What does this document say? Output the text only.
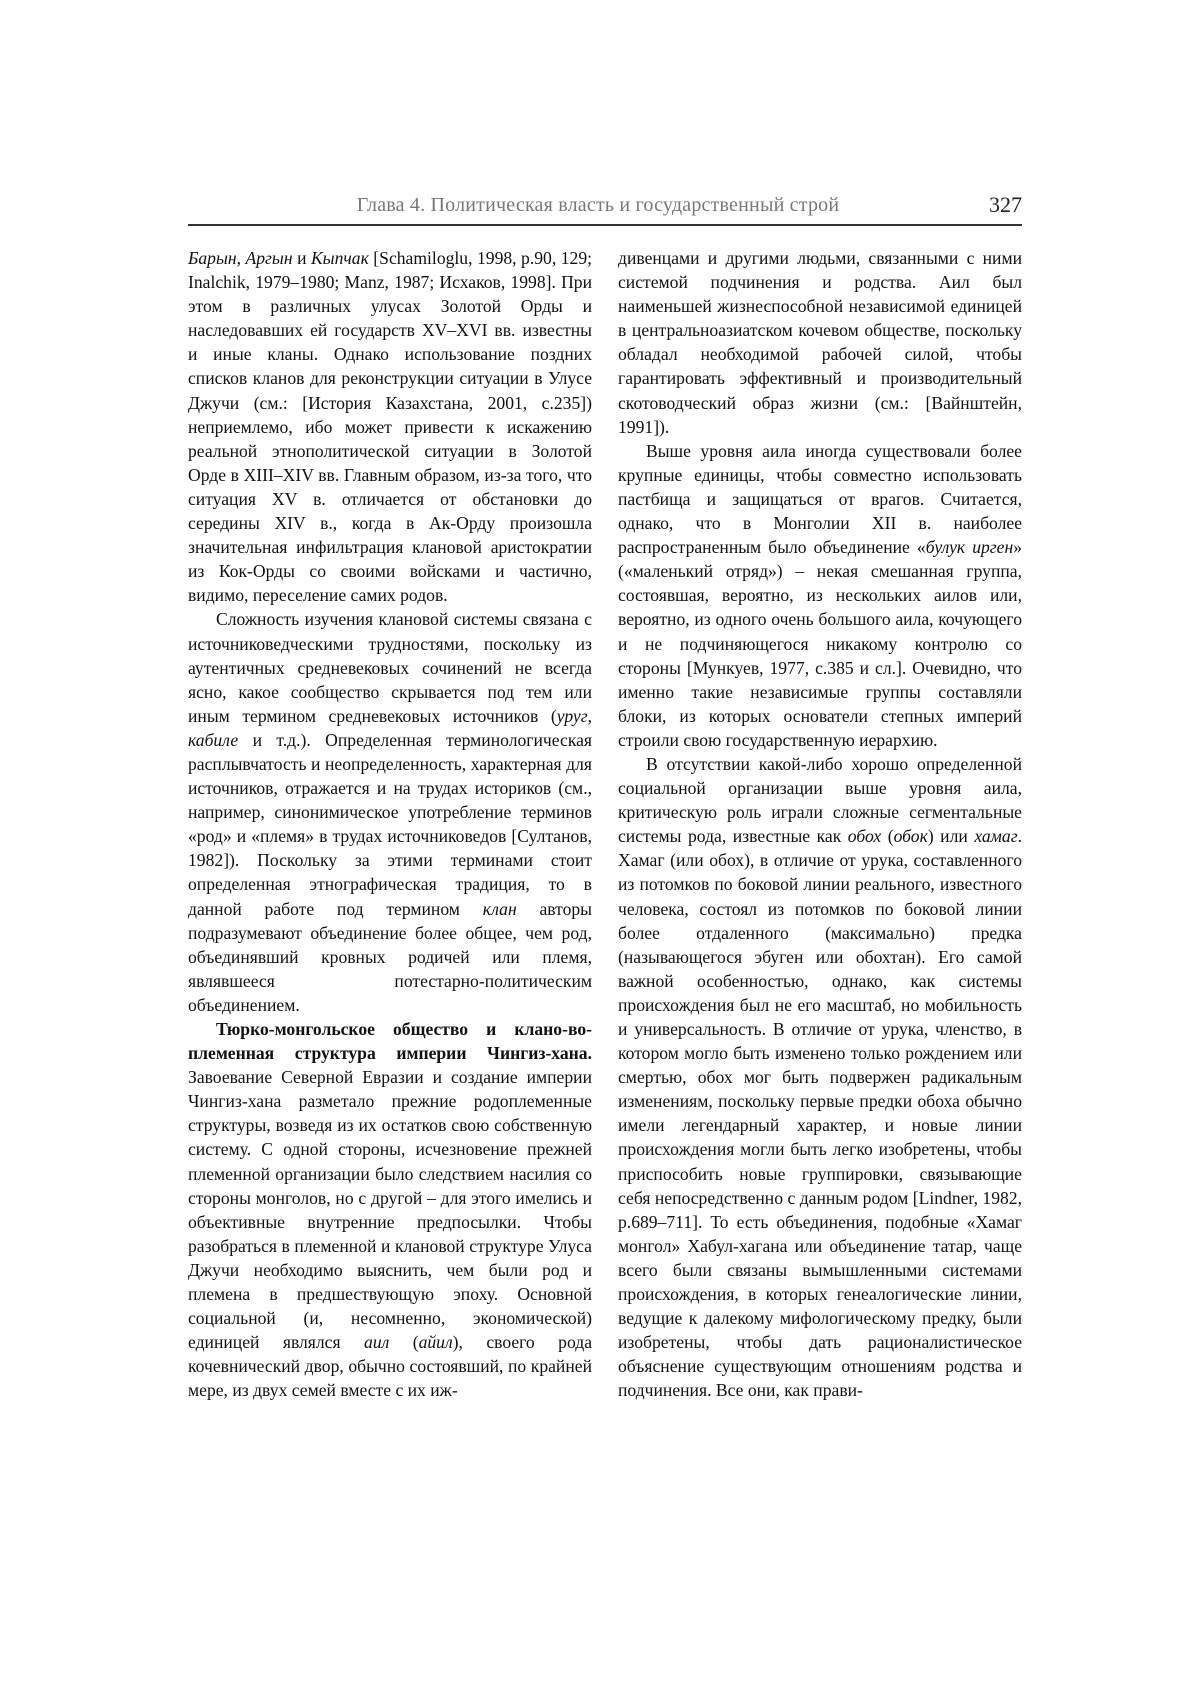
Глава 4. Политическая власть и государственный строй	327

Барын, Аргын и Кыпчак [Schamiloglu, 1998, p.90, 129; Inalchik, 1979–1980; Manz, 1987; Исхаков, 1998]. При этом в различных улусах Золотой Орды и наследовавших ей государств XV–XVI вв. известны и иные кланы. Однако использование поздних списков кланов для реконструкции ситуации в Улусе Джучи (см.: [История Казахстана, 2001, с.235]) неприемлемо, ибо может привести к искажению реальной этнополитической ситуации в Золотой Орде в XIII–XIV вв. Главным образом, из-за того, что ситуация XV в. отличается от обстановки до середины XIV в., когда в Ак-Орду произошла значительная инфильтрация клановой аристократии из Кок-Орды со своими войсками и частично, видимо, переселение самих родов.

Сложность изучения клановой системы связана с источниковедческими трудностями, поскольку из аутентичных средневековых сочинений не всегда ясно, какое сообщество скрывается под тем или иным термином средневековых источников (уруг, кабиле и т.д.). Определенная терминологическая расплывчатость и неопределенность, характерная для источников, отражается и на трудах историков (см., например, синонимическое употребление терминов «род» и «племя» в трудах источниковедов [Султанов, 1982]). Поскольку за этими терминами стоит определенная этнографическая традиция, то в данной работе под термином клан авторы подразумевают объединение более общее, чем род, объединявший кровных родичей или племя, являвшееся потестарно-политическим объединением.

Тюрко-монгольское общество и клано-во-племенная структура империи Чингиз-хана. Завоевание Северной Евразии и создание империи Чингиз-хана разметало прежние родоплеменные структуры, возведя из их остатков свою собственную систему. С одной стороны, исчезновение прежней племенной организации было следствием насилия со стороны монголов, но с другой – для этого имелись и объективные внутренние предпосылки. Чтобы разобраться в племенной и клановой структуре Улуса Джучи необходимо выяснить, чем были род и племена в предшествующую эпоху. Основной социальной (и, несомненно, экономической) единицей являлся аил (айил), своего рода кочевнический двор, обычно состоявший, по крайней мере, из двух семей вместе с их иж-

дивенцами и другими людьми, связанными с ними системой подчинения и родства. Аил был наименьшей жизнеспособной независимой единицей в центральноазиатском кочевом обществе, поскольку обладал необходимой рабочей силой, чтобы гарантировать эффективный и производительный скотоводческий образ жизни (см.: [Вайнштейн, 1991]).

Выше уровня аила иногда существовали более крупные единицы, чтобы совместно использовать пастбища и защищаться от врагов. Считается, однако, что в Монголии XII в. наиболее распространенным было объединение «булук ирген» («маленький отряд») – некая смешанная группа, состоявшая, вероятно, из нескольких аилов или, вероятно, из одного очень большого аила, кочующего и не подчиняющегося никакому контролю со стороны [Мункуев, 1977, с.385 и сл.]. Очевидно, что именно такие независимые группы составляли блоки, из которых основатели степных империй строили свою государственную иерархию.

В отсутствии какой-либо хорошо определенной социальной организации выше уровня аила, критическую роль играли сложные сегментальные системы рода, известные как обох (обок) или хамаг. Хамаг (или обох), в отличие от урука, составленного из потомков по боковой линии реального, известного человека, состоял из потомков по боковой линии более отдаленного (максимально) предка (называющегося эбуген или обохтан). Его самой важной особенностью, однако, как системы происхождения был не его масштаб, но мобильность и универсальность. В отличие от урука, членство, в котором могло быть изменено только рождением или смертью, обох мог быть подвержен радикальным изменениям, поскольку первые предки обоха обычно имели легендарный характер, и новые линии происхождения могли быть легко изобретены, чтобы приспособить новые группировки, связывающие себя непосредственно с данным родом [Lindner, 1982, p.689–711]. То есть объединения, подобные «Хамаг монгол» Хабул-хагана или объединение татар, чаще всего были связаны вымышленными системами происхождения, в которых генеалогические линии, ведущие к далекому мифологическому предку, были изобретены, чтобы дать рационалистическое объяснение существующим отношениям родства и подчинения. Все они, как прави-
